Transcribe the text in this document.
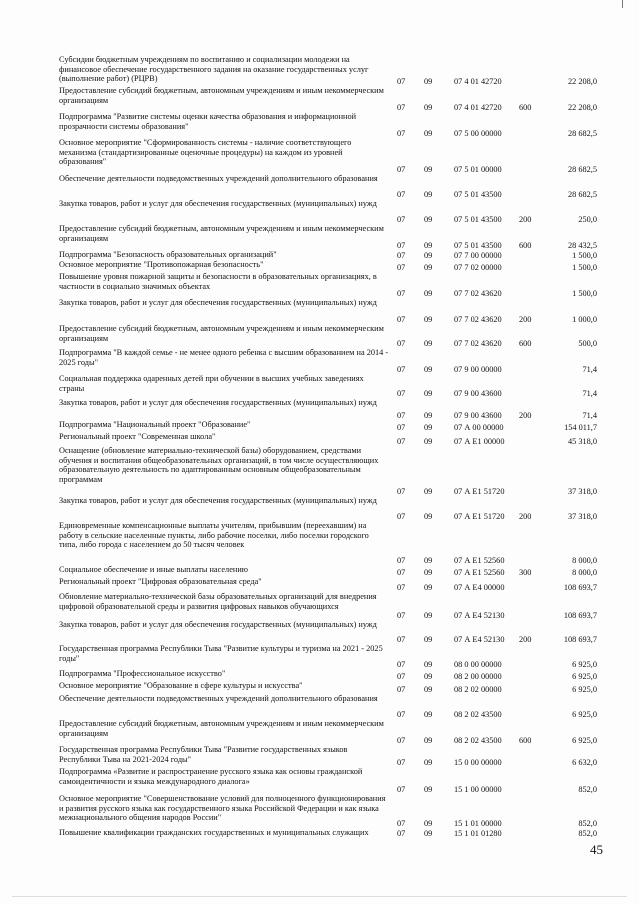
Субсидии бюджетным учреждениям по воспитанию и социализации молодежи на финансовое обеспечение государственного задания на оказание государственных услуг (выполнение работ) (РЦРВ)	07 09	07 4 01 42720	22 208,0
Предоставление субсидий бюджетным, автономным учреждениям и иным некоммерческим организациям
07 09	07 4 01 42720 600	22 208,0
Подпрограмма "Развитие системы оценки качества образования и информационной прозрачности системы образования"
07 09	07 5 00 00000	28 682,5
Основное мероприятие "Сформированность системы - наличие соответствующего механизма (стандартизированные оценочные процедуры) на каждом из уровней образования"
07 09	07 5 01 00000	28 682,5
Обеспечение деятельности подведомственных учреждений дополнительного образования
07 09	07 5 01 43500	28 682,5
Закупка товаров, работ и услуг для обеспечения государственных (муниципальных) нужд
07 09	07 5 01 43500 200	250,0
Предоставление субсидий бюджетным, автономным учреждениям и иным некоммерческим организациям
07 09	07 5 01 43500 600	28 432,5
Подпрограмма "Безопасность образовательных организаций"	07 09	07 7 00 00000	1 500,0
Основное мероприятие "Противопожарная безопасность"	07 09	07 7 02 00000	1 500,0
Повышение уровня пожарной защиты и безопасности в образовательных организациях, в частности в социально значимых объектах
07 09	07 7 02 43620	1 500,0
Закупка товаров, работ и услуг для обеспечения государственных (муниципальных) нужд
07 09	07 7 02 43620 200	1 000,0
Предоставление субсидий бюджетным, автономным учреждениям и иным некоммерческим организациям
07 09	07 7 02 43620 600	500,0
Подпрограмма "В каждой семье - не менее одного ребенка с высшим образованием на 2014 - 2025 годы"
07 09	07 9 00 00000	71,4
Социальная поддержка одаренных детей при обучении в высших учебных заведениях страны
07 09	07 9 00 43600	71,4
Закупка товаров, работ и услуг для обеспечения государственных (муниципальных) нужд
07 09	07 9 00 43600 200	71,4
Подпрограмма "Национальный проект "Образование"	07 09	07 А 00 00000	154 011,7
Региональный проект "Современная школа"	07 09	07 А Е1 00000	45 318,0
Оснащение (обновление материально-технической базы) оборудованием, средствами обучения и воспитания общеобразовательных организаций, в том числе осуществляющих образовательную деятельность по адаптированным основным общеобразовательным программам
07 09	07 А Е1 51720	37 318,0
Закупка товаров, работ и услуг для обеспечения государственных (муниципальных) нужд
07 09	07 А Е1 51720 200	37 318,0
Единовременные компенсационные выплаты учителям, прибывшим (переехавшим) на работу в сельские населенные пункты, либо рабочие поселки, либо поселки городского типа, либо города с населением до 50 тысяч человек
07 09	07 А Е1 52560	8 000,0
Социальное обеспечение и иные выплаты населению	07 09	07 А Е1 52560 300	8 000,0
Региональный проект "Цифровая образовательная среда"
07 09	07 А Е4 00000	108 693,7
Обновление материально-технической базы образовательных организаций для внедрения цифровой образовательной среды и развития цифровых навыков обучающихся
07 09	07 А Е4 52130	108 693,7
Закупка товаров, работ и услуг для обеспечения государственных (муниципальных) нужд
07 09	07 А Е4 52130 200	108 693,7
Государственная программа Республики Тыва "Развитие культуры и туризма на 2021 - 2025 годы"
07 09	08 0 00 00000	6 925,0
Подпрограмма "Профессиональное искусство"	07 09	08 2 00 00000	6 925,0
Основное мероприятие "Образование в сфере культуры и искусства"	07 09	08 2 02 00000	6 925,0
Обеспечение деятельности подведомственных учреждений дополнительного образования
07 09	08 2 02 43500	6 925,0
Предоставление субсидий бюджетным, автономным учреждениям и иным некоммерческим организациям
07 09	08 2 02 43500 600	6 925,0
Государственная программа Республики Тыва "Развитие государственных языков Республики Тыва на 2021-2024 годы"	07 09	15 0 00 00000	6 632,0
Подпрограмма «Развитие и распространение русского языка как основы гражданской самоидентичности и языка международного диалога»
07 09	15 1 00 00000	852,0
Основное мероприятие "Совершенствование условий для полноценного функционирования и развития русского языка как государственного языка Российской Федерации и как языка межнационального общения народов России"
07 09	15 1 01 00000	852,0
Повышение квалификации гражданских государственных и муниципальных служащих	07 09	15 1 01 01280	852,0
45
